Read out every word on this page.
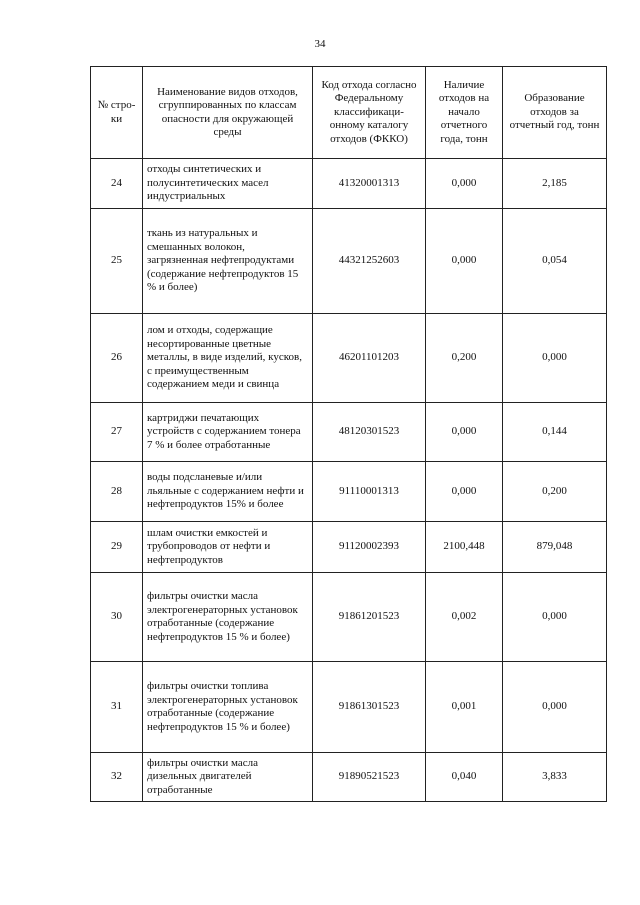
34
№ стро-ки	Наименование видов отходов, сгруппированных по классам опасности для окружающей среды	Код отхода согласно Федеральному классификаци-онному каталогу отходов (ФККО)	Наличие отходов на начало отчетного года, тонн	Образование отходов за отчетный год, тонн
24	отходы синтетических и полусинтетических масел индустриальных	41320001313	0,000	2,185
25	ткань из натуральных и смешанных волокон, загрязненная нефтепродуктами (содержание нефтепродуктов 15 % и более)	44321252603	0,000	0,054
26	лом и отходы, содержащие несортированные цветные металлы, в виде изделий, кусков, с преимущественным содержанием меди и свинца	46201101203	0,200	0,000
27	картриджи печатающих устройств с содержанием тонера 7 % и более отработанные	48120301523	0,000	0,144
28	воды подсланевые и/или льяльные с содержанием нефти и нефтепродуктов 15% и более	91110001313	0,000	0,200
29	шлам очистки емкостей и трубопроводов от нефти и нефтепродуктов	91120002393	2100,448	879,048
30	фильтры очистки масла электрогенераторных установок отработанные (содержание нефтепродуктов 15 % и более)	91861201523	0,002	0,000
31	фильтры очистки топлива электрогенераторных установок отработанные (содержание нефтепродуктов 15 % и более)	91861301523	0,001	0,000
32	фильтры очистки масла дизельных двигателей отработанные	91890521523	0,040	3,833
